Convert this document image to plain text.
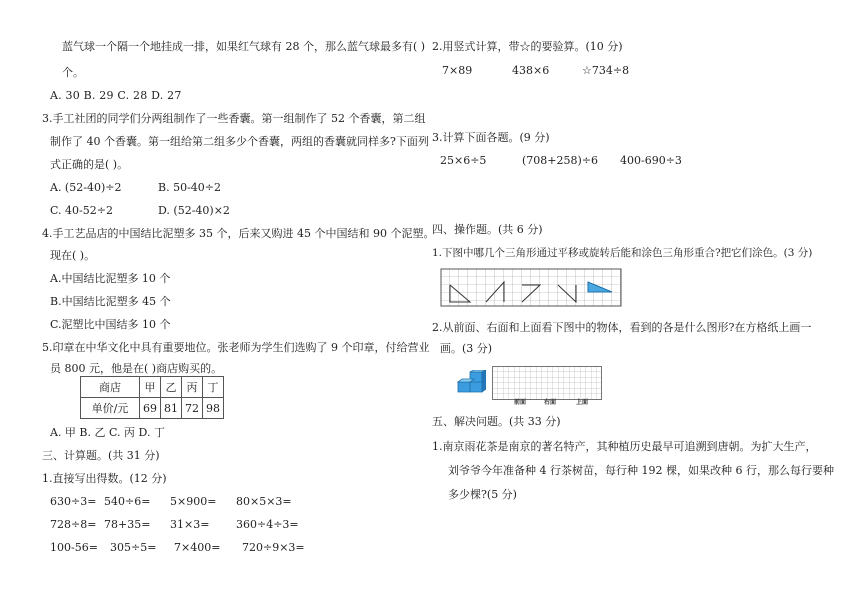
蓝气球一个隔一个地挂成一排，如果红气球有 28 个，那么蓝气球最多有( )
个。
A. 30 B. 29 C. 28 D. 27
3.手工社团的同学们分两组制作了一些香囊。第一组制作了 52 个香囊，第二组
制作了 40 个香囊。第一组给第二组多少个香囊，两组的香囊就同样多?下面列
式正确的是( )。
A. (52-40)÷2	B. 50-40÷2
C. 40-52÷2	D. (52-40)×2
4.手工艺品店的中国结比泥塑多 35 个，后来又购进 45 个中国结和 90 个泥塑。
现在( )。
A.中国结比泥塑多 10 个
B.中国结比泥塑多 45 个
C.泥塑比中国结多 10 个
5.印章在中华文化中具有重要地位。张老师为学生们选购了 9 个印章，付给营业
员 800 元，他是在( )商店购买的。
商店	甲	乙	丙	丁
单价/元	69	81	72	98
A. 甲 B. 乙 C. 丙 D. 丁
三、计算题。(共 31 分)
1.直接写出得数。(12 分)
630÷3= 540÷6= 5×900= 80×5×3=
728÷8= 78+35= 31×3= 360÷4÷3=
100-56= 305÷5= 7×400= 720÷9×3=
2.用竖式计算，带☆的要验算。(10 分)
7×89	438×6	☆734÷8
3.计算下面各题。(9 分)
25×6÷5	(708+258)÷6 400-690÷3
四、操作题。(共 6 分)
1.下图中哪几个三角形通过平移或旋转后能和涂色三角形重合?把它们涂色。(3 分)
2.从前面、右面和上面看下图中的物体，看到的各是什么图形?在方格纸上画一
画。(3 分)
前面	右面	上面
五、解决问题。(共 33 分)
1.南京雨花茶是南京的著名特产，其种植历史最早可追溯到唐朝。为扩大生产，
刘爷爷今年准备种 4 行茶树苗，每行种 192 棵，如果改种 6 行，那么每行要种
多少棵?(5 分)
